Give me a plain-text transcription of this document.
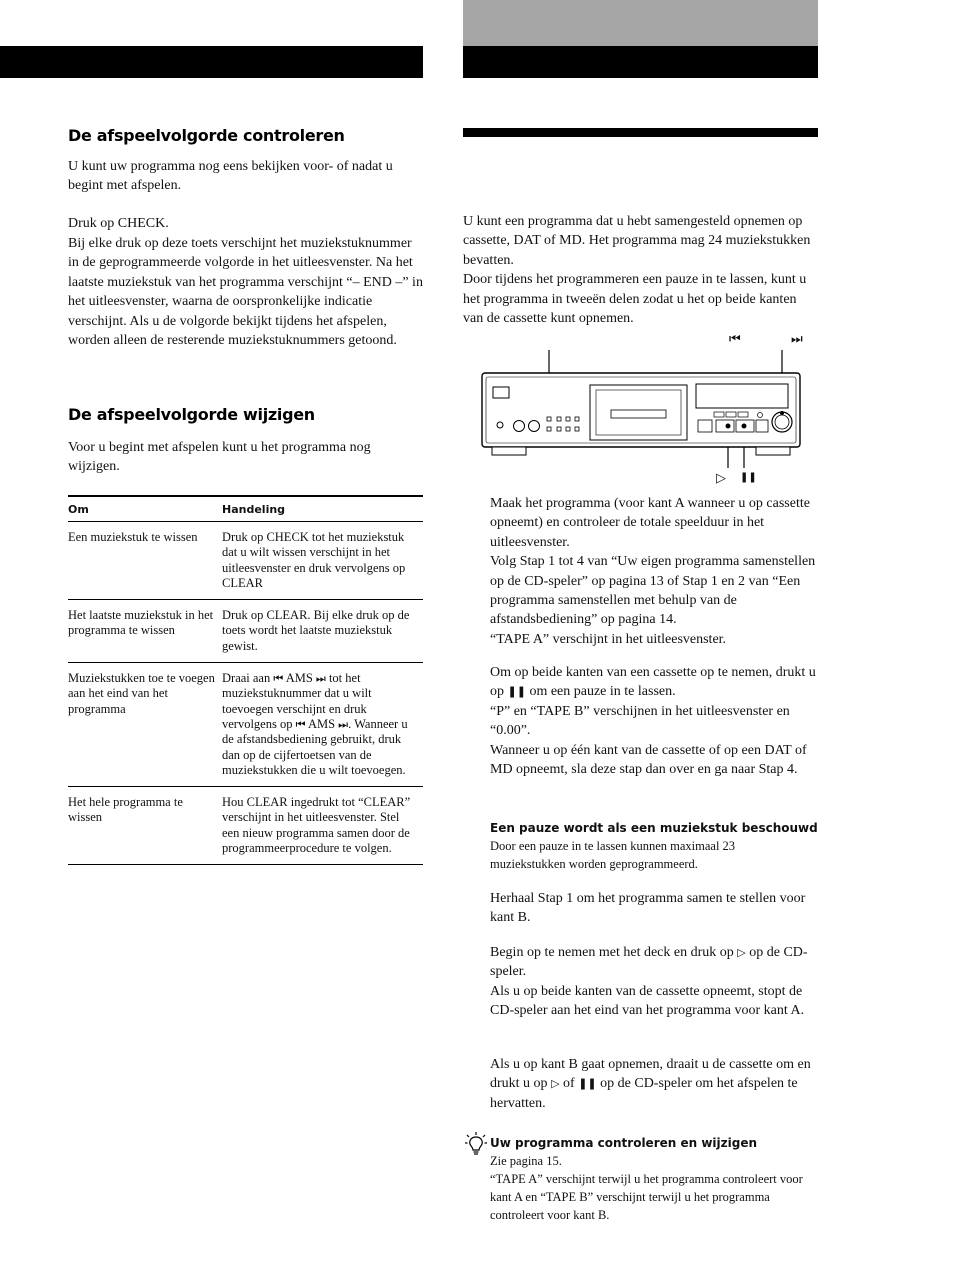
De afspeelvolgorde controleren
U kunt uw programma nog eens bekijken voor- of nadat u begint met afspelen.
Druk op CHECK.
Bij elke druk op deze toets verschijnt het muziekstuknummer in de geprogrammeerde volgorde in het uitleesvenster. Na het laatste muziekstuk van het programma verschijnt “– END –” in het uitleesvenster, waarna de oorspronkelijke indicatie verschijnt. Als u de volgorde bekijkt tijdens het afspelen, worden alleen de resterende muziekstuknummers getoond.
De afspeelvolgorde wijzigen
Voor u begint met afspelen kunt u het programma nog wijzigen.
Om	Handeling
Een muziekstuk te wissen	Druk op CHECK tot het muziekstuk dat u wilt wissen verschijnt in het uitleesvenster en druk vervolgens op CLEAR
Het laatste muziekstuk in het programma te wissen	Druk op CLEAR. Bij elke druk op de toets wordt het laatste muziekstuk gewist.
Muziekstukken toe te voegen aan het eind van het programma	Draai aan ⏮ AMS ⏭ tot het muziekstuknummer dat u wilt toevoegen verschijnt en druk vervolgens op ⏮ AMS ⏭. Wanneer u de afstandsbediening gebruikt, druk dan op de cijfertoetsen van de muziekstukken die u wilt toevoegen.
Het hele programma te wissen	Hou CLEAR ingedrukt tot “CLEAR” verschijnt in het uitleesvenster. Stel een nieuw programma samen door de programmeerprocedure te volgen.
U kunt een programma dat u hebt samengesteld opnemen op cassette, DAT of MD. Het programma mag 24 muziekstukken bevatten.
Door tijdens het programmeren een pauze in te lassen, kunt u het programma in tweeën delen zodat u het op beide kanten van de cassette kunt opnemen.
⏮	⏭
▷ ❚❚
Maak het programma (voor kant A wanneer u op cassette opneemt) en controleer de totale speelduur in het uitleesvenster.
Volg Stap 1 tot 4 van “Uw eigen programma samenstellen op de CD-speler” op pagina 13 of Stap 1 en 2 van “Een programma samenstellen met behulp van de afstandsbediening” op pagina 14.
“TAPE A” verschijnt in het uitleesvenster.
Om op beide kanten van een cassette op te nemen, drukt u op ❚❚ om een pauze in te lassen.
“P” en “TAPE B” verschijnen in het uitleesvenster en “0.00”.
Wanneer u op één kant van de cassette of op een DAT of MD opneemt, sla deze stap dan over en ga naar Stap 4.
Een pauze wordt als een muziekstuk beschouwd
Door een pauze in te lassen kunnen maximaal 23 muziekstukken worden geprogrammeerd.
Herhaal Stap 1 om het programma samen te stellen voor kant B.
Begin op te nemen met het deck en druk op ▷ op de CD-speler.
Als u op beide kanten van de cassette opneemt, stopt de CD-speler aan het eind van het programma voor kant A.
Als u op kant B gaat opnemen, draait u de cassette om en drukt u op ▷ of ❚❚ op de CD-speler om het afspelen te hervatten.
Uw programma controleren en wijzigen
Zie pagina 15.
“TAPE A” verschijnt terwijl u het programma controleert voor kant A en “TAPE B” verschijnt terwijl u het programma controleert voor kant B.
